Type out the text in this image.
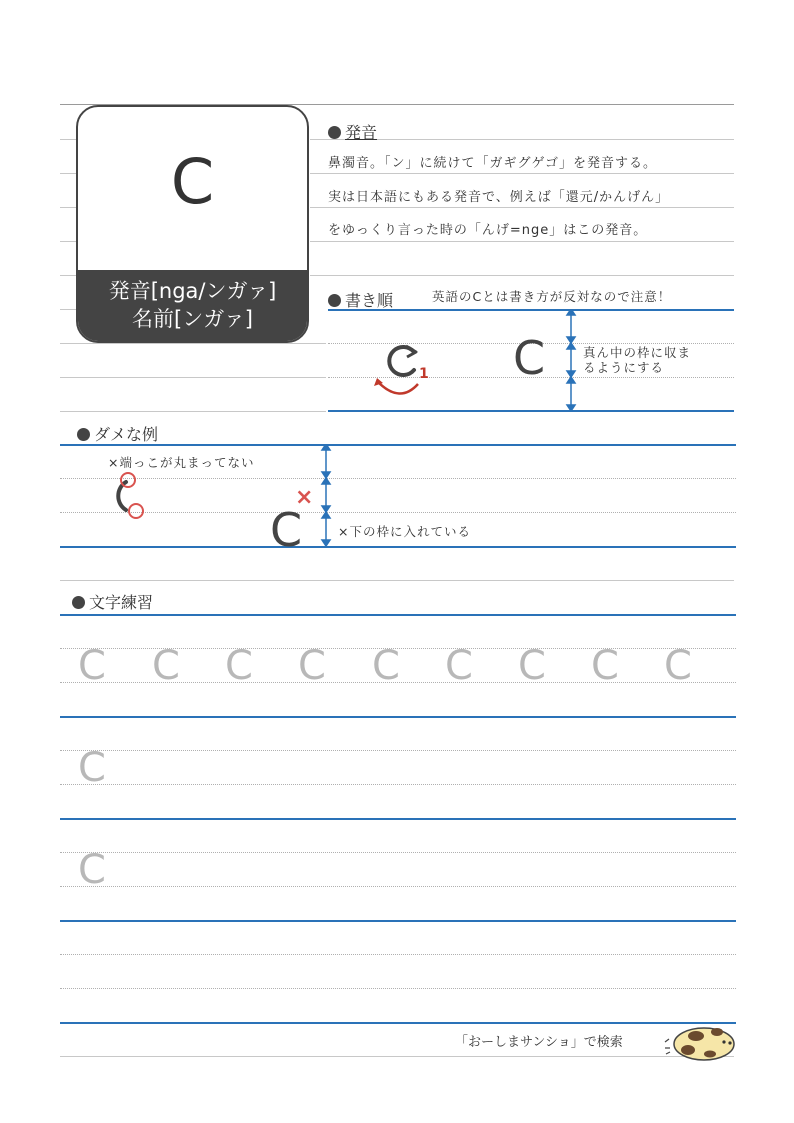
C
発音[nga/ンガァ]
名前[ンガァ]
発音
鼻濁音。「ン」に続けて「ガギグゲゴ」を発音する。
実は日本語にもある発音で、例えば「還元/かんげん」
をゆっくり言った時の「んげ=nge」はこの発音。
書き順	英語のCとは書き方が反対なので注意！
1 C	真ん中の枠に収ま
るようにする
ダメな例
×端っこが丸まってない
×
C	×下の枠に入れている
文字練習
C C C C C C C C C
C
C
「おーしまサンショ」で検索
